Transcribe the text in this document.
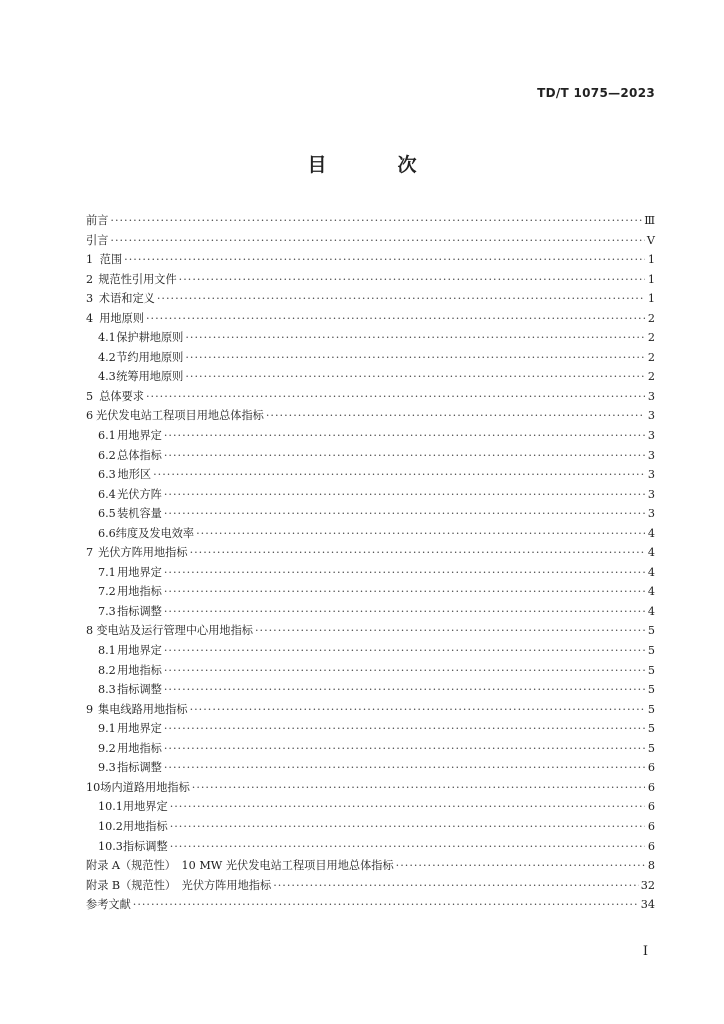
TD/T 1075—2023
目　次
前言 ·····	Ⅲ
引言 ·····	V
1 范围 ·····	1
2 规范性引用文件 ·····	1
3 术语和定义 ·····	1
4 用地原则 ·····	2
4.1 保护耕地原则 ·····	2
4.2 节约用地原则 ·····	2
4.3 统筹用地原则 ·····	2
5 总体要求 ·····	3
6 光伏发电站工程项目用地总体指标 ·····	3
6.1 用地界定 ·····	3
6.2 总体指标 ·····	3
6.3 地形区 ·····	3
6.4 光伏方阵 ·····	3
6.5 装机容量 ·····	3
6.6 纬度及发电效率 ·····	4
7 光伏方阵用地指标 ·····	4
7.1 用地界定 ·····	4
7.2 用地指标 ·····	4
7.3 指标调整 ·····	4
8 变电站及运行管理中心用地指标 ·····	5
8.1 用地界定 ·····	5
8.2 用地指标 ·····	5
8.3 指标调整 ·····	5
9 集电线路用地指标 ·····	5
9.1 用地界定 ·····	5
9.2 用地指标 ·····	5
9.3 指标调整 ·····	6
10 场内道路用地指标 ·····	6
10.1 用地界定 ·····	6
10.2 用地指标 ·····	6
10.3 指标调整 ·····	6
附录 A（规范性）　10 MW 光伏发电站工程项目用地总体指标 ·····	8
附录 B（规范性）　光伏方阵用地指标 ·····	32
参考文献 ·····	34
I
